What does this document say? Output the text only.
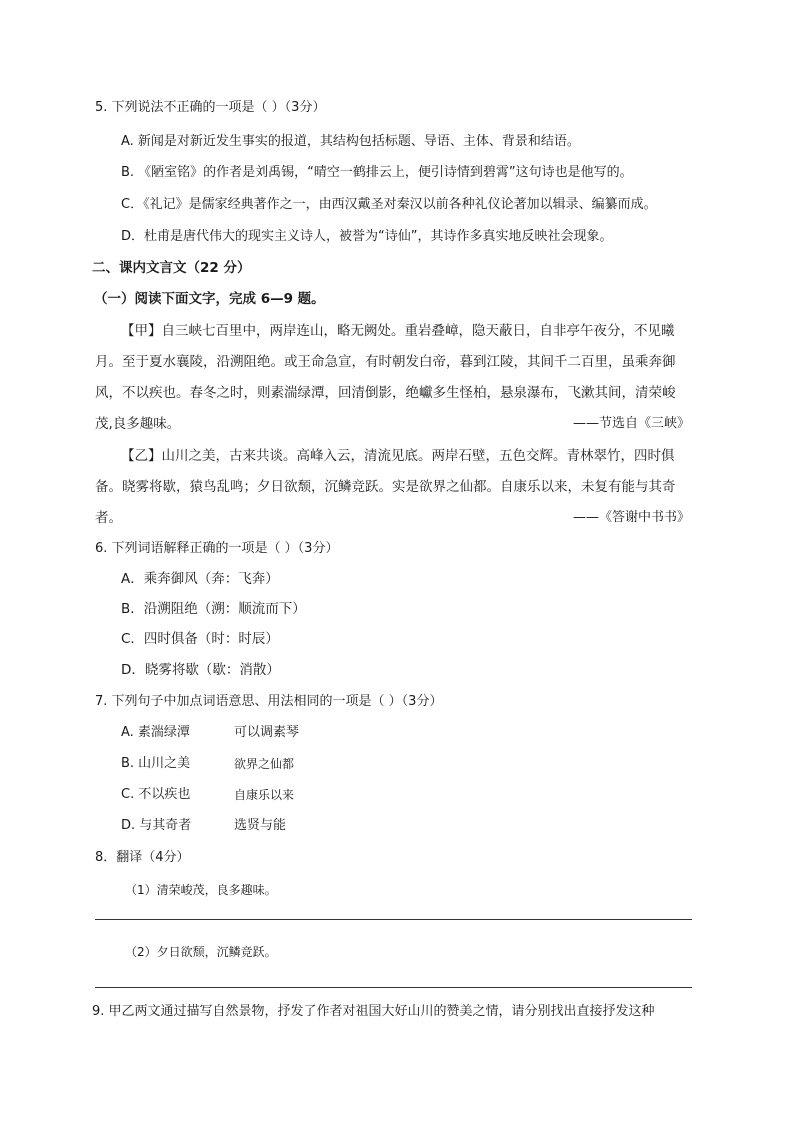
5. 下列说法不正确的一项是（ ）（3分）
A. 新闻是对新近发生事实的报道，其结构包括标题、导语、主体、背景和结语。
B. 《陋室铭》的作者是刘禹锡，“晴空一鹤排云上，便引诗情到碧霄”这句诗也是他写的。
C．《礼记》是儒家经典著作之一，由西汉戴圣对秦汉以前各种礼仪论著加以辑录、编纂而成。
D．杜甫是唐代伟大的现实主义诗人，被誉为“诗仙”，其诗作多真实地反映社会现象。
二、课内文言文（22 分）
（一）阅读下面文字，完成 6—9 题。
【甲】自三峡七百里中，两岸连山，略无阙处。重岩叠嶂，隐天蔽日，自非亭午夜分，不见曦
月。至于夏水襄陵，沿溯阻绝。或王命急宣，有时朝发白帝，暮到江陵，其间千二百里，虽乘奔御
风，不以疾也。春冬之时，则素湍绿潭，回清倒影，绝巘多生怪柏，悬泉瀑布，飞漱其间，清荣峻
茂,良多趣味。	——节选自《三峡》
【乙】山川之美，古来共谈。高峰入云，清流见底。两岸石壁，五色交辉。青林翠竹，四时俱
备。晓雾将歇，猿鸟乱鸣；夕日欲颓，沉鳞竞跃。实是欲界之仙都。自康乐以来，未复有能与其奇
者。	——《答谢中书书》
6. 下列词语解释正确的一项是（ ）（3分）
A．乘奔御风（奔：飞奔）
B．沿溯阻绝（溯：顺流而下）
C．四时俱备（时：时辰）
D．晓雾将歇（歇：消散）
7. 下列句子中加点词语意思、用法相同的一项是（ ）（3分）
A. 素湍绿潭	可以调素琴
B. 山川之美	欲界之仙都
C. 不以疾也	自康乐以来
D. 与其奇者	选贤与能
8．翻译（4分）
（1）清荣峻茂，良多趣味。
（2）夕日欲颓，沉鳞竞跃。
9. 甲乙两文通过描写自然景物，抒发了作者对祖国大好山川的赞美之情，请分别找出直接抒发这种
